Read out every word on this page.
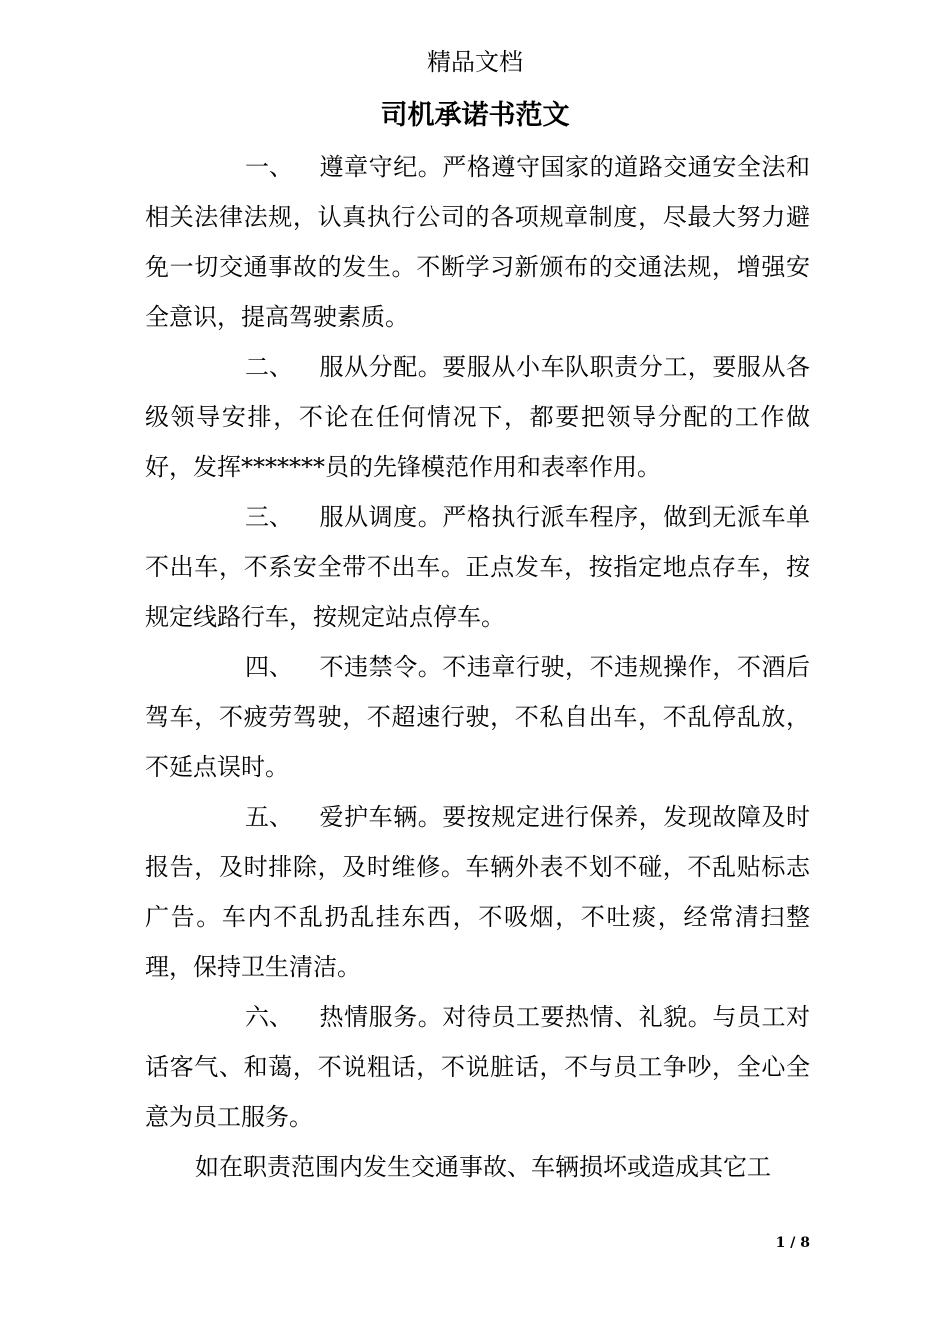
精品文档
司机承诺书范文

一、 遵章守纪。严格遵守国家的道路交通安全法和相关法律法规，认真执行公司的各项规章制度，尽最大努力避免一切交通事故的发生。不断学习新颁布的交通法规，增强安全意识，提高驾驶素质。

二、 服从分配。要服从小车队职责分工，要服从各级领导安排，不论在任何情况下，都要把领导分配的工作做好，发挥*******员的先锋模范作用和表率作用。

三、 服从调度。严格执行派车程序，做到无派车单不出车，不系安全带不出车。正点发车，按指定地点存车，按规定线路行车，按规定站点停车。

四、 不违禁令。不违章行驶，不违规操作，不酒后驾车，不疲劳驾驶，不超速行驶，不私自出车，不乱停乱放，不延点误时。

五、 爱护车辆。要按规定进行保养，发现故障及时报告，及时排除，及时维修。车辆外表不划不碰，不乱贴标志广告。车内不乱扔乱挂东西，不吸烟，不吐痰，经常清扫整理，保持卫生清洁。

六、 热情服务。对待员工要热情、礼貌。与员工对话客气、和蔼，不说粗话，不说脏话，不与员工争吵，全心全意为员工服务。

如在职责范围内发生交通事故、车辆损坏或造成其它工

1 / 8
